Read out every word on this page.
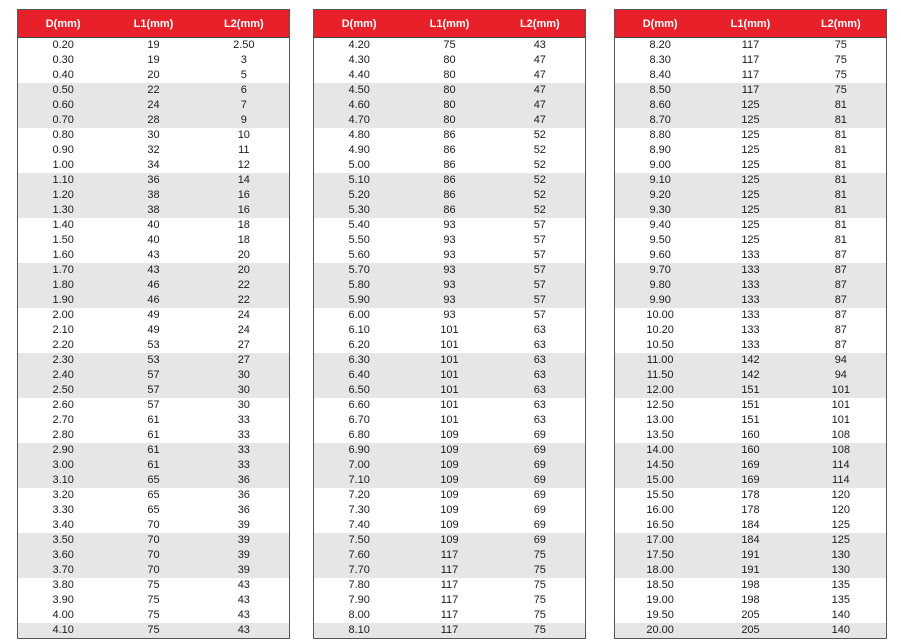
D(mm)	L1(mm)	L2(mm)
0.20	19	2.50
0.30	19	3
0.40	20	5
0.50	22	6
0.60	24	7
0.70	28	9
0.80	30	10
0.90	32	11
1.00	34	12
1.10	36	14
1.20	38	16
1.30	38	16
1.40	40	18
1.50	40	18
1.60	43	20
1.70	43	20
1.80	46	22
1.90	46	22
2.00	49	24
2.10	49	24
2.20	53	27
2.30	53	27
2.40	57	30
2.50	57	30
2.60	57	30
2.70	61	33
2.80	61	33
2.90	61	33
3.00	61	33
3.10	65	36
3.20	65	36
3.30	65	36
3.40	70	39
3.50	70	39
3.60	70	39
3.70	70	39
3.80	75	43
3.90	75	43
4.00	75	43
4.10	75	43
D(mm)	L1(mm)	L2(mm)
4.20	75	43
4.30	80	47
4.40	80	47
4.50	80	47
4.60	80	47
4.70	80	47
4.80	86	52
4.90	86	52
5.00	86	52
5.10	86	52
5.20	86	52
5.30	86	52
5.40	93	57
5.50	93	57
5.60	93	57
5.70	93	57
5.80	93	57
5.90	93	57
6.00	93	57
6.10	101	63
6.20	101	63
6.30	101	63
6.40	101	63
6.50	101	63
6.60	101	63
6.70	101	63
6.80	109	69
6.90	109	69
7.00	109	69
7.10	109	69
7.20	109	69
7.30	109	69
7.40	109	69
7.50	109	69
7.60	117	75
7.70	117	75
7.80	117	75
7.90	117	75
8.00	117	75
8.10	117	75
D(mm)	L1(mm)	L2(mm)
8.20	117	75
8.30	117	75
8.40	117	75
8.50	117	75
8.60	125	81
8.70	125	81
8.80	125	81
8.90	125	81
9.00	125	81
9.10	125	81
9.20	125	81
9.30	125	81
9.40	125	81
9.50	125	81
9.60	133	87
9.70	133	87
9.80	133	87
9.90	133	87
10.00	133	87
10.20	133	87
10.50	133	87
11.00	142	94
11.50	142	94
12.00	151	101
12.50	151	101
13.00	151	101
13.50	160	108
14.00	160	108
14.50	169	114
15.00	169	114
15.50	178	120
16.00	178	120
16.50	184	125
17.00	184	125
17.50	191	130
18.00	191	130
18.50	198	135
19.00	198	135
19.50	205	140
20.00	205	140
